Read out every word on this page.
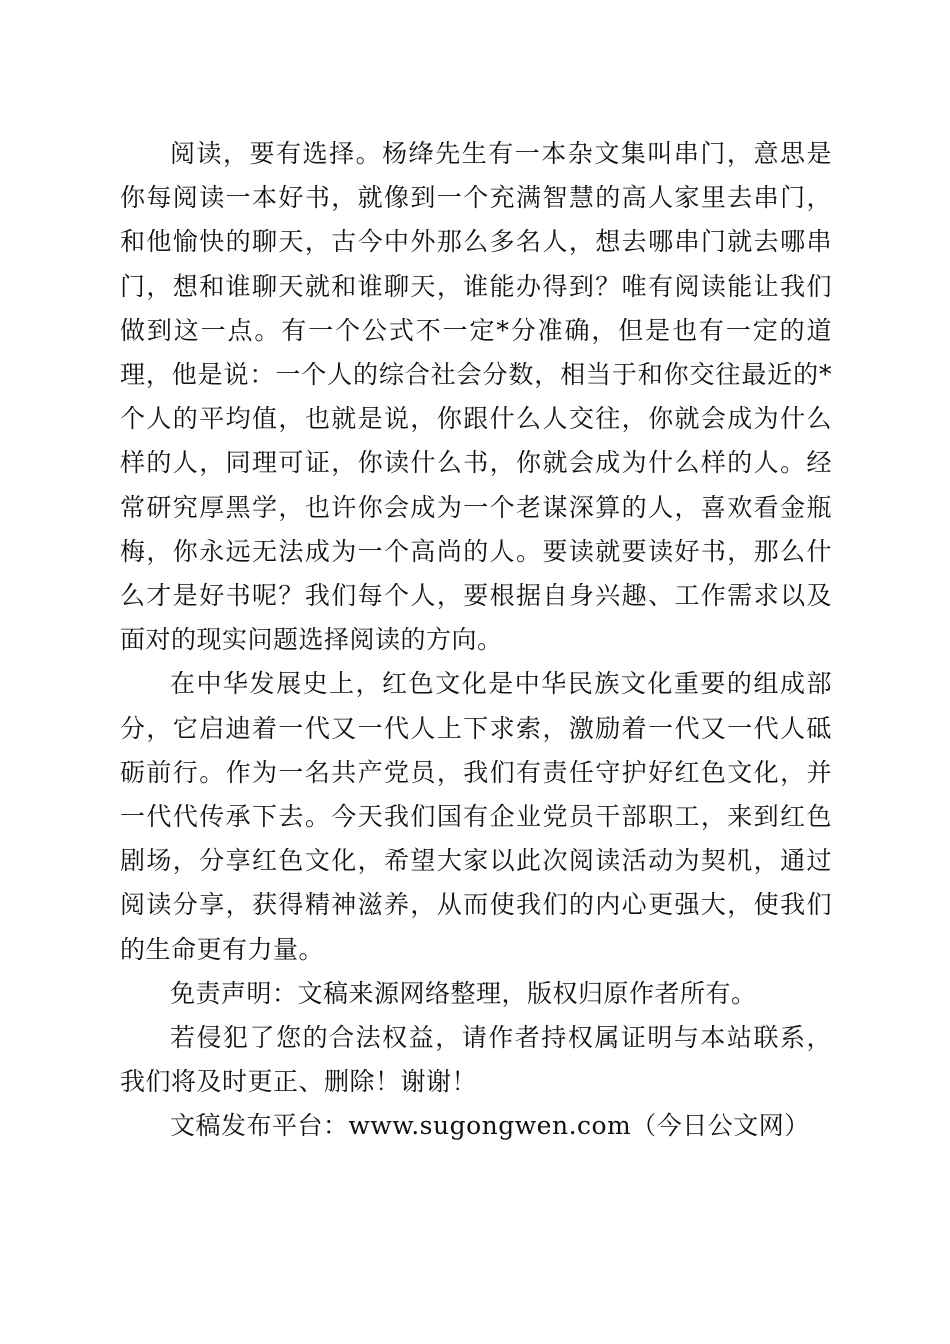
阅读，要有选择。杨绛先生有一本杂文集叫串门，意思是你每阅读一本好书，就像到一个充满智慧的高人家里去串门，和他愉快的聊天，古今中外那么多名人，想去哪串门就去哪串门，想和谁聊天就和谁聊天，谁能办得到？唯有阅读能让我们做到这一点。有一个公式不一定*分准确，但是也有一定的道理，他是说：一个人的综合社会分数，相当于和你交往最近的*个人的平均值，也就是说，你跟什么人交往，你就会成为什么样的人，同理可证，你读什么书，你就会成为什么样的人。经常研究厚黑学，也许你会成为一个老谋深算的人，喜欢看金瓶梅，你永远无法成为一个高尚的人。要读就要读好书，那么什么才是好书呢？我们每个人，要根据自身兴趣、工作需求以及面对的现实问题选择阅读的方向。

在中华发展史上，红色文化是中华民族文化重要的组成部分，它启迪着一代又一代人上下求索，激励着一代又一代人砥砺前行。作为一名共产党员，我们有责任守护好红色文化，并一代代传承下去。今天我们国有企业党员干部职工，来到红色剧场，分享红色文化，希望大家以此次阅读活动为契机，通过阅读分享，获得精神滋养，从而使我们的内心更强大，使我们的生命更有力量。

免责声明：文稿来源网络整理，版权归原作者所有。

若侵犯了您的合法权益，请作者持权属证明与本站联系，我们将及时更正、删除！谢谢！

文稿发布平台：www.sugongwen.com（今日公文网）
